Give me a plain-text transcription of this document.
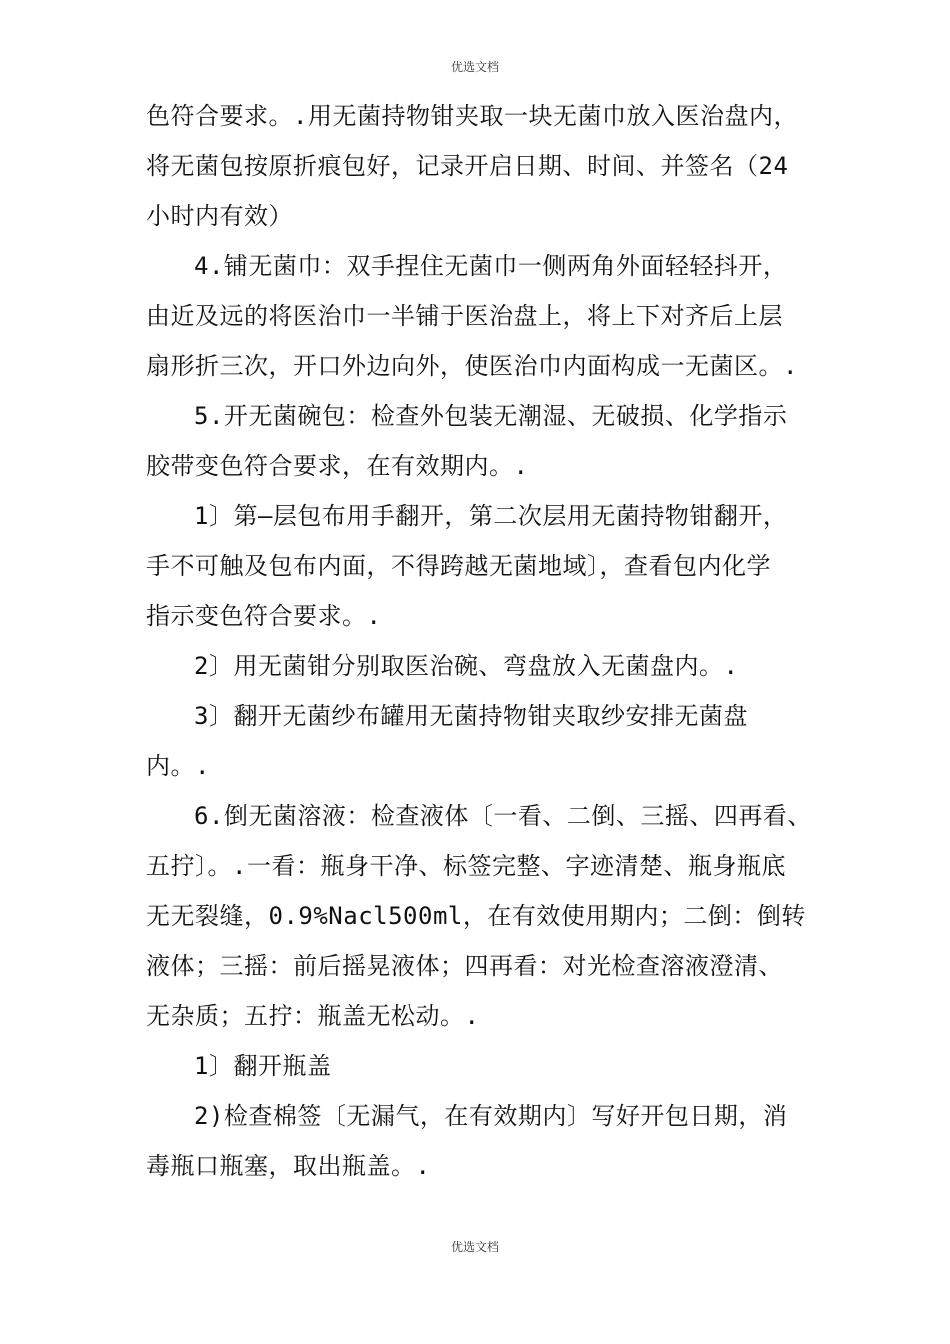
优选文档

色符合要求。.用无菌持物钳夹取一块无菌巾放入医治盘内，
将无菌包按原折痕包好，记录开启日期、时间、并签名（24
小时内有效）

4.铺无菌巾：双手捏住无菌巾一侧两角外面轻轻抖开，
由近及远的将医治巾一半铺于医治盘上，将上下对齐后上层
扇形折三次，开口外边向外，使医治巾内面构成一无菌区。.

5.开无菌碗包：检查外包装无潮湿、无破损、化学指示
胶带变色符合要求，在有效期内。.

1〕第—层包布用手翻开，第二次层用无菌持物钳翻开，
手不可触及包布内面，不得跨越无菌地域〕，查看包内化学
指示变色符合要求。.

2〕用无菌钳分别取医治碗、弯盘放入无菌盘内。.

3〕翻开无菌纱布罐用无菌持物钳夹取纱安排无菌盘
内。.

6.倒无菌溶液：检查液体〔一看、二倒、三摇、四再看、
五拧〕。.一看：瓶身干净、标签完整、字迹清楚、瓶身瓶底
无无裂缝，0.9%Nacl500ml，在有效使用期内；二倒：倒转
液体；三摇：前后摇晃液体；四再看：对光检查溶液澄清、
无杂质；五拧：瓶盖无松动。.

1〕翻开瓶盖

2)检查棉签〔无漏气，在有效期内〕写好开包日期，消
毒瓶口瓶塞，取出瓶盖。.

优选文档
